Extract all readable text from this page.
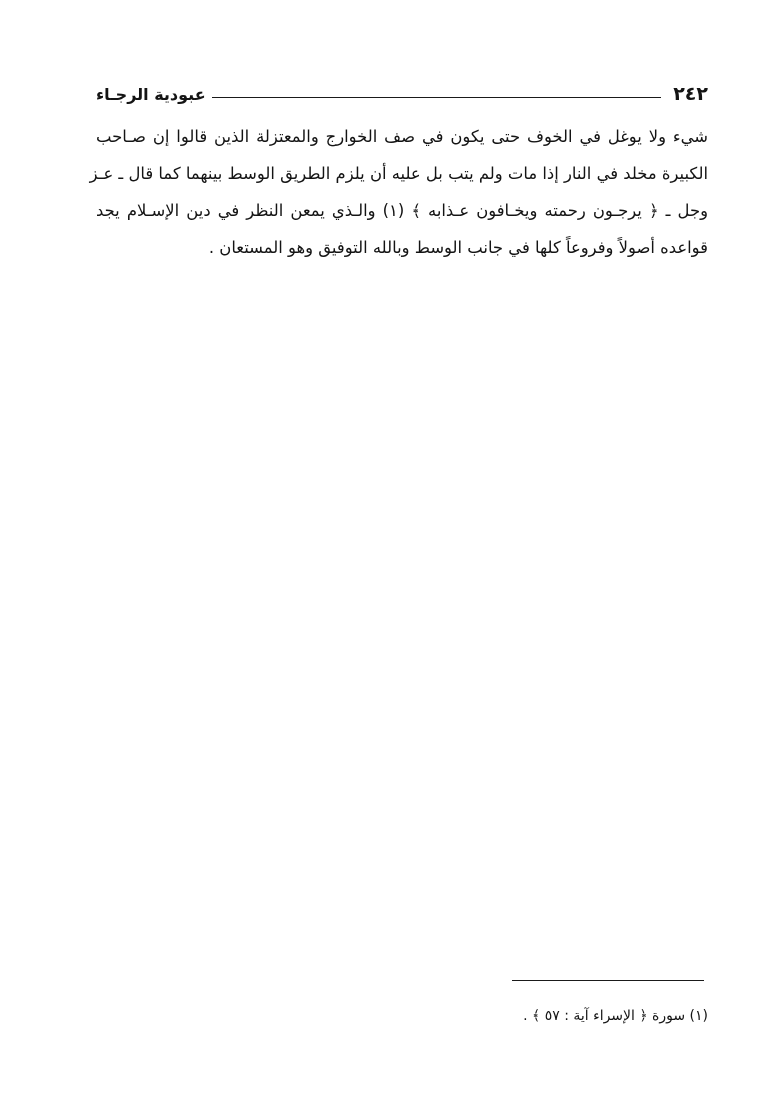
٢٤٢
عبودية الرجـاء

شيء ولا يوغل في الخوف حتى يكون في صف الخوارج والمعتزلة الذين قالوا إن صـاحب
الكبيرة مخلد في النار إذا مات ولم يتب بل عليه أن يلزم الطريق الوسط بينهما كما قال ـ عـز
وجل ـ ﴿ يرجـون رحمته ويخـافون عـذابه ﴾ (١) والـذي يمعن النظر في دين الإسـلام يجد
قواعده أصولاً وفروعاً كلها في جانب الوسط وبالله التوفيق وهو المستعان .

(١) سورة ﴿ الإسراء آية : ٥٧ ﴾ .
